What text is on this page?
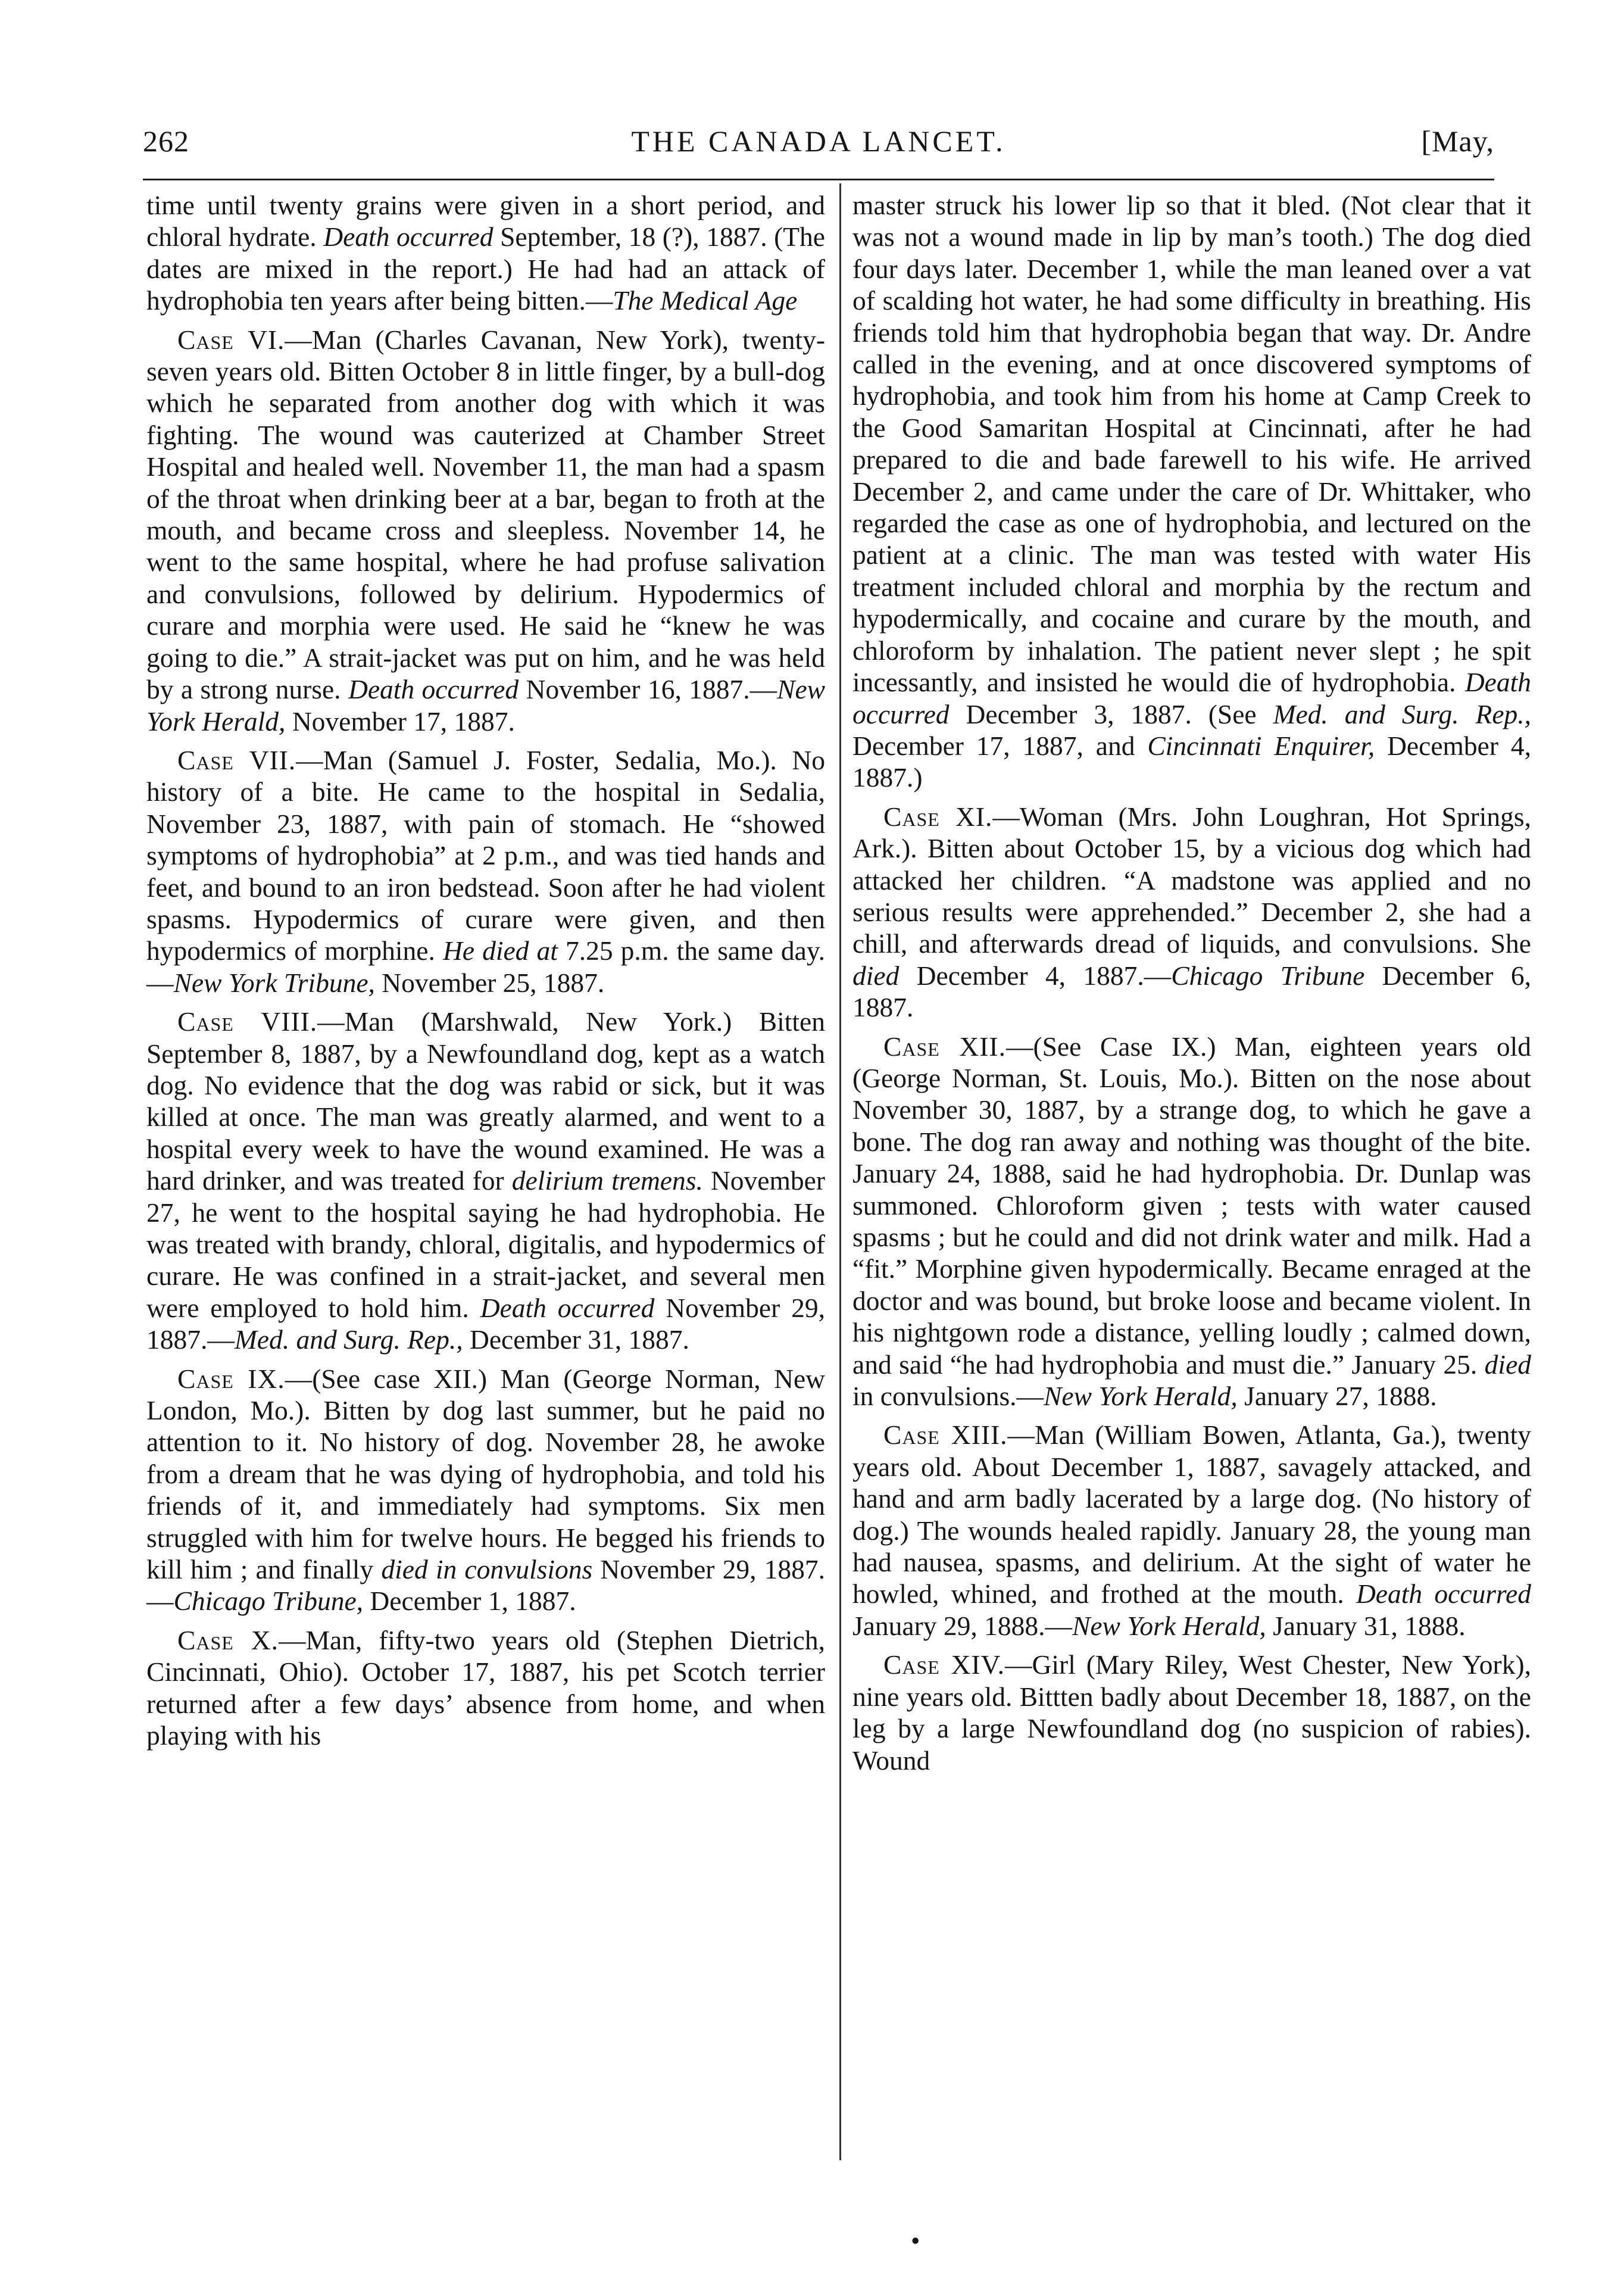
262	THE CANADA LANCET.	[May,

time until twenty grains were given in a short period, and chloral hydrate. Death occurred September, 18 (?), 1887. (The dates are mixed in the report.) He had had an attack of hydrophobia ten years after being bitten.—The Medical Age

Case VI.—Man (Charles Cavanan, New York), twenty-seven years old. Bitten October 8 in little finger, by a bull-dog which he separated from another dog with which it was fighting. The wound was cauterized at Chamber Street Hospital and healed well. November 11, the man had a spasm of the throat when drinking beer at a bar, began to froth at the mouth, and became cross and sleepless. November 14, he went to the same hospital, where he had profuse salivation and convulsions, followed by delirium. Hypodermics of curare and morphia were used. He said he “knew he was going to die.” A strait-jacket was put on him, and he was held by a strong nurse. Death occurred November 16, 1887.—New York Herald, November 17, 1887.

Case VII.—Man (Samuel J. Foster, Sedalia, Mo.). No history of a bite. He came to the hospital in Sedalia, November 23, 1887, with pain of stomach. He “showed symptoms of hydrophobia” at 2 p.m., and was tied hands and feet, and bound to an iron bedstead. Soon after he had violent spasms. Hypodermics of curare were given, and then hypodermics of morphine. He died at 7.25 p.m. the same day. —New York Tribune, November 25, 1887.

Case VIII.—Man (Marshwald, New York.) Bitten September 8, 1887, by a Newfoundland dog, kept as a watch dog. No evidence that the dog was rabid or sick, but it was killed at once. The man was greatly alarmed, and went to a hospital every week to have the wound examined. He was a hard drinker, and was treated for delirium tremens. November 27, he went to the hospital saying he had hydrophobia. He was treated with brandy, chloral, digitalis, and hypodermics of curare. He was confined in a strait-jacket, and several men were employed to hold him. Death occurred November 29, 1887.—Med. and Surg. Rep., December 31, 1887.

Case IX.—(See case XII.) Man (George Norman, New London, Mo.). Bitten by dog last summer, but he paid no attention to it. No history of dog. November 28, he awoke from a dream that he was dying of hydrophobia, and told his friends of it, and immediately had symptoms. Six men struggled with him for twelve hours. He begged his friends to kill him ; and finally died in convulsions November 29, 1887.—Chicago Tribune, December 1, 1887.

Case X.—Man, fifty-two years old (Stephen Dietrich, Cincinnati, Ohio). October 17, 1887, his pet Scotch terrier returned after a few days’ absence from home, and when playing with his

master struck his lower lip so that it bled. (Not clear that it was not a wound made in lip by man’s tooth.) The dog died four days later. December 1, while the man leaned over a vat of scalding hot water, he had some difficulty in breathing. His friends told him that hydrophobia began that way. Dr. Andre called in the evening, and at once discovered symptoms of hydrophobia, and took him from his home at Camp Creek to the Good Samaritan Hospital at Cincinnati, after he had prepared to die and bade farewell to his wife. He arrived December 2, and came under the care of Dr. Whittaker, who regarded the case as one of hydrophobia, and lectured on the patient at a clinic. The man was tested with water His treatment included chloral and morphia by the rectum and hypodermically, and cocaine and curare by the mouth, and chloroform by inhalation. The patient never slept ; he spit incessantly, and insisted he would die of hydrophobia. Death occurred December 3, 1887. (See Med. and Surg. Rep., December 17, 1887, and Cincinnati Enquirer, December 4, 1887.)

Case XI.—Woman (Mrs. John Loughran, Hot Springs, Ark.). Bitten about October 15, by a vicious dog which had attacked her children. “A madstone was applied and no serious results were apprehended.” December 2, she had a chill, and afterwards dread of liquids, and convulsions. She died December 4, 1887.—Chicago Tribune December 6, 1887.

Case XII.—(See Case IX.) Man, eighteen years old (George Norman, St. Louis, Mo.). Bitten on the nose about November 30, 1887, by a strange dog, to which he gave a bone. The dog ran away and nothing was thought of the bite. January 24, 1888, said he had hydrophobia. Dr. Dunlap was summoned. Chloroform given ; tests with water caused spasms ; but he could and did not drink water and milk. Had a “fit.” Morphine given hypodermically. Became enraged at the doctor and was bound, but broke loose and became violent. In his nightgown rode a distance, yelling loudly ; calmed down, and said “he had hydrophobia and must die.” January 25. died in convulsions.—New York Herald, January 27, 1888.

Case XIII.—Man (William Bowen, Atlanta, Ga.), twenty years old. About December 1, 1887, savagely attacked, and hand and arm badly lacerated by a large dog. (No history of dog.) The wounds healed rapidly. January 28, the young man had nausea, spasms, and delirium. At the sight of water he howled, whined, and frothed at the mouth. Death occurred January 29, 1888.—New York Herald, January 31, 1888.

Case XIV.—Girl (Mary Riley, West Chester, New York), nine years old. Bittten badly about December 18, 1887, on the leg by a large Newfoundland dog (no suspicion of rabies). Wound

•
